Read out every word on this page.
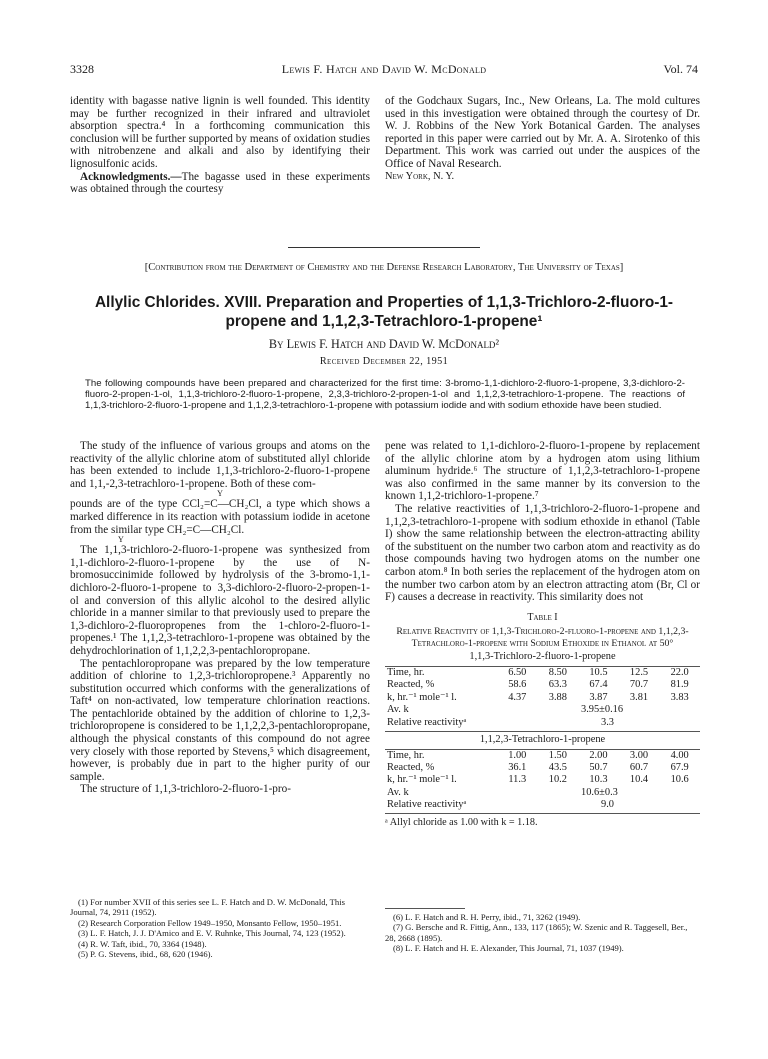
3328	Lewis F. Hatch and David W. McDonald	Vol. 74

identity with bagasse native lignin is well founded. This identity may be further recognized in their infrared and ultraviolet absorption spectra.⁴ In a forthcoming communication this conclusion will be further supported by means of oxidation studies with nitrobenzene and alkali and also by identifying their lignosulfonic acids.

Acknowledgments.—The bagasse used in these experiments was obtained through the courtesy

of the Godchaux Sugars, Inc., New Orleans, La. The mold cultures used in this investigation were obtained through the courtesy of Dr. W. J. Robbins of the New York Botanical Garden. The analyses reported in this paper were carried out by Mr. A. A. Sirotenko of this Department. This work was carried out under the auspices of the Office of Naval Research.

New York, N. Y.

[Contribution from the Department of Chemistry and the Defense Research Laboratory, The University of Texas]
Allylic Chlorides. XVIII. Preparation and Properties of 1,1,3-Trichloro-2-fluoro-1-
propene and 1,1,2,3-Tetrachloro-1-propene¹
By Lewis F. Hatch and David W. McDonald²
Received December 22, 1951
The following compounds have been prepared and characterized for the first time: 3-bromo-1,1-dichloro-2-fluoro-1-propene, 3,3-dichloro-2-fluoro-2-propen-1-ol, 1,1,3-trichloro-2-fluoro-1-propene, 2,3,3-trichloro-2-propen-1-ol and 1,1,2,3-tetrachloro-1-propene. The reactions of 1,1,3-trichloro-2-fluoro-1-propene and 1,1,2,3-tetrachloro-1-propene with potassium iodide and with sodium ethoxide have been studied.

The study of the influence of various groups and atoms on the reactivity of the allylic chlorine atom of substituted allyl chloride has been extended to include 1,1,3-trichloro-2-fluoro-1-propene and 1,1,-2,3-tetrachloro-1-propene. Both of these com-

Y

pounds are of the type CCl₂=C—CH₂Cl, a type which shows a marked difference in its reaction with potassium iodide in acetone from the similar type CH₂=C—CH₂Cl.

Y

The 1,1,3-trichloro-2-fluoro-1-propene was synthesized from 1,1-dichloro-2-fluoro-1-propene by the use of N-bromosuccinimide followed by hydrolysis of the 3-bromo-1,1-dichloro-2-fluoro-1-propene to 3,3-dichloro-2-fluoro-2-propen-1-ol and conversion of this allylic alcohol to the desired allylic chloride in a manner similar to that previously used to prepare the 1,3-dichloro-2-fluoropropenes from the 1-chloro-2-fluoro-1-propenes.¹ The 1,1,2,3-tetrachloro-1-propene was obtained by the dehydrochlorination of 1,1,2,2,3-pentachloropropane.

The pentachloropropane was prepared by the low temperature addition of chlorine to 1,2,3-trichloropropene.³ Apparently no substitution occurred which conforms with the generalizations of Taft⁴ on non-activated, low temperature chlorination reactions. The pentachloride obtained by the addition of chlorine to 1,2,3-trichloropropene is considered to be 1,1,2,2,3-pentachloropropane, although the physical constants of this compound do not agree very closely with those reported by Stevens,⁵ which disagreement, however, is probably due in part to the higher purity of our sample.

The structure of 1,1,3-trichloro-2-fluoro-1-pro-

pene was related to 1,1-dichloro-2-fluoro-1-propene by replacement of the allylic chlorine atom by a hydrogen atom using lithium aluminum hydride.⁶ The structure of 1,1,2,3-tetrachloro-1-propene was also confirmed in the same manner by its conversion to the known 1,1,2-trichloro-1-propene.⁷

The relative reactivities of 1,1,3-trichloro-2-fluoro-1-propene and 1,1,2,3-tetrachloro-1-propene with sodium ethoxide in ethanol (Table I) show the same relationship between the electron-attracting ability of the substituent on the number two carbon atom and reactivity as do those compounds having two hydrogen atoms on the number one carbon atom.⁸ In both series the replacement of the hydrogen atom on the number two carbon atom by an electron attracting atom (Br, Cl or F) causes a decrease in reactivity. This similarity does not

Table I
Relative Reactivity of 1,1,3-Trichloro-2-fluoro-1-propene and 1,1,2,3-Tetrachloro-1-propene with Sodium Ethoxide in Ethanol at 50°
1,1,3-Trichloro-2-fluoro-1-propene
Time, hr.	6.50	8.50	10.5	12.5	22.0
Reacted, %	58.6	63.3	67.4	70.7	81.9
k, hr.⁻¹ mole⁻¹ l.	4.37	3.88	3.87	3.81	3.83
Av. k	3.95±0.16				
Relative reactivityᵃ	3.3				
1,1,2,3-Tetrachloro-1-propene
Time, hr.	1.00	1.50	2.00	3.00	4.00
Reacted, %	36.1	43.5	50.7	60.7	67.9
k, hr.⁻¹ mole⁻¹ l.	11.3	10.2	10.3	10.4	10.6
Av. k	10.6±0.3				
Relative reactivityᵃ	9.0				
ᵃ Allyl chloride as 1.00 with k = 1.18.
(1) For number XVII of this series see L. F. Hatch and D. W. McDonald, This Journal, 74, 2911 (1952).
(2) Research Corporation Fellow 1949–1950, Monsanto Fellow, 1950–1951.
(3) L. F. Hatch, J. J. D'Amico and E. V. Ruhnke, This Journal, 74, 123 (1952).
(4) R. W. Taft, ibid., 70, 3364 (1948).
(5) P. G. Stevens, ibid., 68, 620 (1946).
(6) L. F. Hatch and R. H. Perry, ibid., 71, 3262 (1949).
(7) G. Bersche and R. Fittig, Ann., 133, 117 (1865); W. Szenic and R. Taggesell, Ber., 28, 2668 (1895).
(8) L. F. Hatch and H. E. Alexander, This Journal, 71, 1037 (1949).
